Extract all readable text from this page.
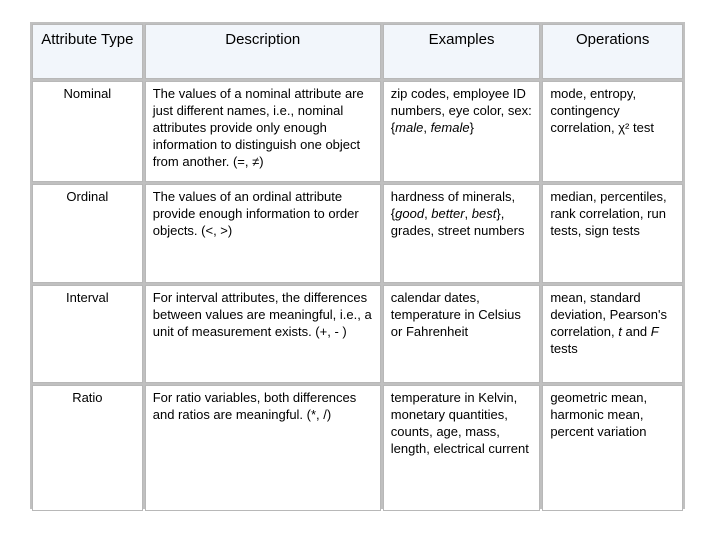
Attribute Type	Description	Examples	Operations
Nominal	The values of a nominal attribute are just different names, i.e., nominal attributes provide only enough information to distinguish one object from another. (=, ≠)	zip codes, employee ID numbers, eye color, sex: {male, female}	mode, entropy, contingency correlation, χ² test
Ordinal	The values of an ordinal attribute provide enough information to order objects. (<, >)	hardness of minerals, {good, better, best}, grades, street numbers	median, percentiles, rank correlation, run tests, sign tests
Interval	For interval attributes, the differences between values are meaningful, i.e., a unit of measurement exists. (+, - )	calendar dates, temperature in Celsius or Fahrenheit	mean, standard deviation, Pearson's correlation, t and F tests
Ratio	For ratio variables, both differences and ratios are meaningful. (*, /)	temperature in Kelvin, monetary quantities, counts, age, mass, length, electrical current	geometric mean, harmonic mean, percent variation
